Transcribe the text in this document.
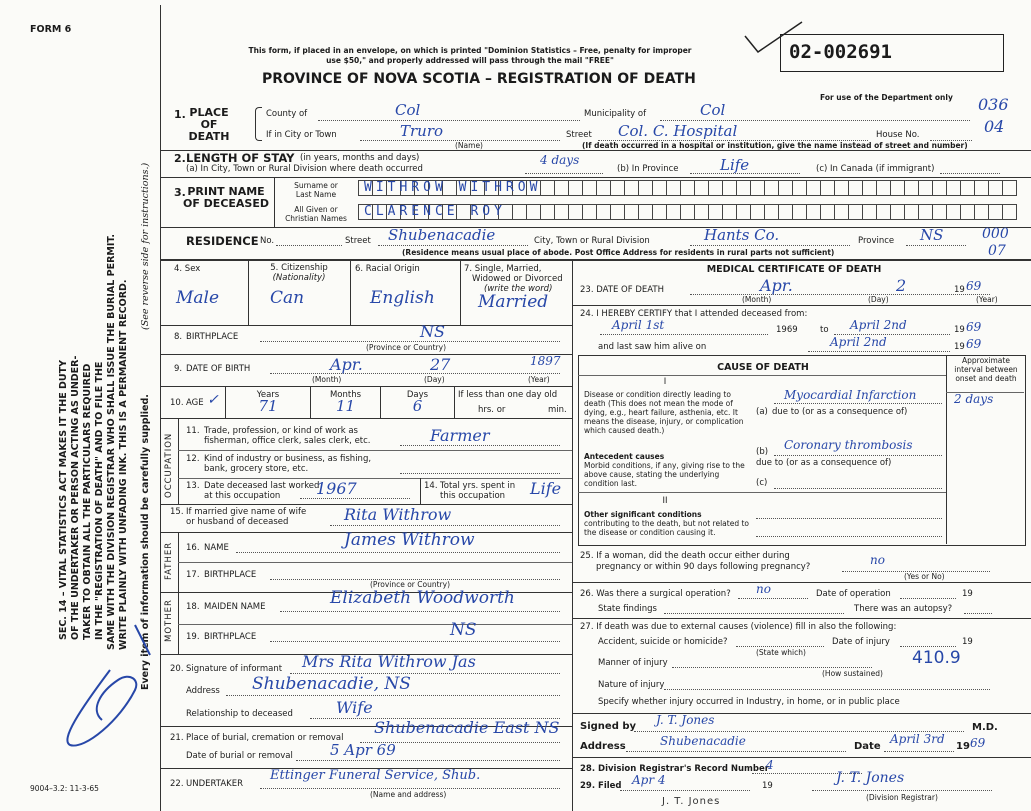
FORM 6
SEC. 14 – VITAL STATISTICS ACT MAKES IT THE DUTY OF THE UNDERTAKER OR PERSON ACTING AS UNDER- TAKER TO OBTAIN ALL THE PARTICULARS REQUIRED IN THE "REGISTRATION OF DEATH" AND TO FILE THE SAME WITH THE DIVISION REGISTRAR WHO SHALL ISSUE THE BURIAL PERMIT. WRITE PLAINLY WITH UNFADING INK. THIS IS A PERMANENT RECORD.
(See reverse side for instructions.)
Every item of information should be carefully supplied.
9004–3.2: 11-3-65
This form, if placed in an envelope, on which is printed "Dominion Statistics – Free, penalty for improper
use $50," and properly addressed will pass through the mail "FREE"
PROVINCE OF NOVA SCOTIA – REGISTRATION OF DEATH
02-002691
For use of the Department only 036
04
1. PLACE
OF
DEATH
County of	Col	Municipality of	Col
If in City or Town	Truro
(Name)
Street Col. C. Hospital	House No.
(If death occurred in a hospital or institution, give the name instead of street and number)
2. LENGTH OF STAY (in years, months and days)
(a) In City, Town or Rural Division where death occurred
4 days
(b) In Province	Life	(c) In Canada (if immigrant)
3. PRINT NAME
OF DECEASED
Surname or
Last Name
All Given or
Christian Names
WITHROW WITHROW
CLARENCE ROY
RESIDENCE No.	Street Shubenacadie	City, Town or Rural Division	Hants Co.	Province NS	000
07
(Residence means usual place of abode. Post Office Address for residents in rural parts not sufficient)
4. Sex
Male
5. Citizenship
(Nationality)
Can
6. Racial Origin
English
7. Single, Married,
Widowed or Divorced
(write the word)
Married
8. BIRTHPLACE	NS
(Province or Country)
9. DATE OF BIRTH	Apr.	27	1897
(Month)	(Day)	(Year)
10. AGE ✓	Years
71
Months
11
Days
6
If less than one day old
hrs. or	min.
OCCUPATION
11. Trade, profession, or kind of work as
fisherman, office clerk, sales clerk, etc.	Farmer
12. Kind of industry or business, as fishing,
bank, grocery store, etc.
13. Date deceased last worked
at this occupation	1967	14. Total yrs. spent in
this occupation	Life
15. If married give name of wife
or husband of deceased	Rita Withrow
FATHER 16. NAME	James Withrow
17. BIRTHPLACE
(Province or Country)
MOTHER 18. MAIDEN NAME	Elizabeth Woodworth
19. BIRTHPLACE	NS
20. Signature of informant Mrs Rita Withrow Jas
Address Shubenacadie, NS
Relationship to deceased	Wife
21. Place of burial, cremation or removal
Shubenacadie East NS
Date of burial or removal 5 Apr 69
22. UNDERTAKER
Ettinger Funeral Service, Shub.
(Name and address)
MEDICAL CERTIFICATE OF DEATH
23. DATE OF DEATH	Apr.	2	19 69
(Month)	(Day)	(Year)
24. I HEREBY CERTIFY that I attended deceased from:
April 1st	1969	to April 2nd	19 69
and last saw him alive on	April 2nd	19 69
CAUSE OF DEATH
Approximate interval between onset and death
I
Disease or condition directly leading to death (This does not mean the mode of dying, e.g., heart failure, asthenia, etc. It means the disease, injury, or complication which caused death.)
(a)
Myocardial Infarction	2 days
due to (or as a consequence of)
Antecedent causes
Morbid conditions, if any, giving rise to the above cause, stating the underlying condition last.
(b) Coronary thrombosis
due to (or as a consequence of)
(c)
II
Other significant conditions
contributing to the death, but not related to the disease or condition causing it.
25. If a woman, did the death occur either during
pregnancy or within 90 days following pregnancy?	no
(Yes or No)
26. Was there a surgical operation? no	Date of operation	19
State findings	There was an autopsy?
27. If death was due to external causes (violence) fill in also the following:
Accident, suicide or homicide?
(State which)
Date of injury	19
Manner of injury	410.9
(How sustained)
Nature of injury
Specify whether injury occurred in Industry, in home, or in public place
Signed by J. T. Jones
M.D.
Address	Shubenacadie	Date
April 3rd
19 69
28. Division Registrar's Record Number
4
29. Filed Apr 4	19	J. T. Jones
(Division Registrar)
J. T. Jones
